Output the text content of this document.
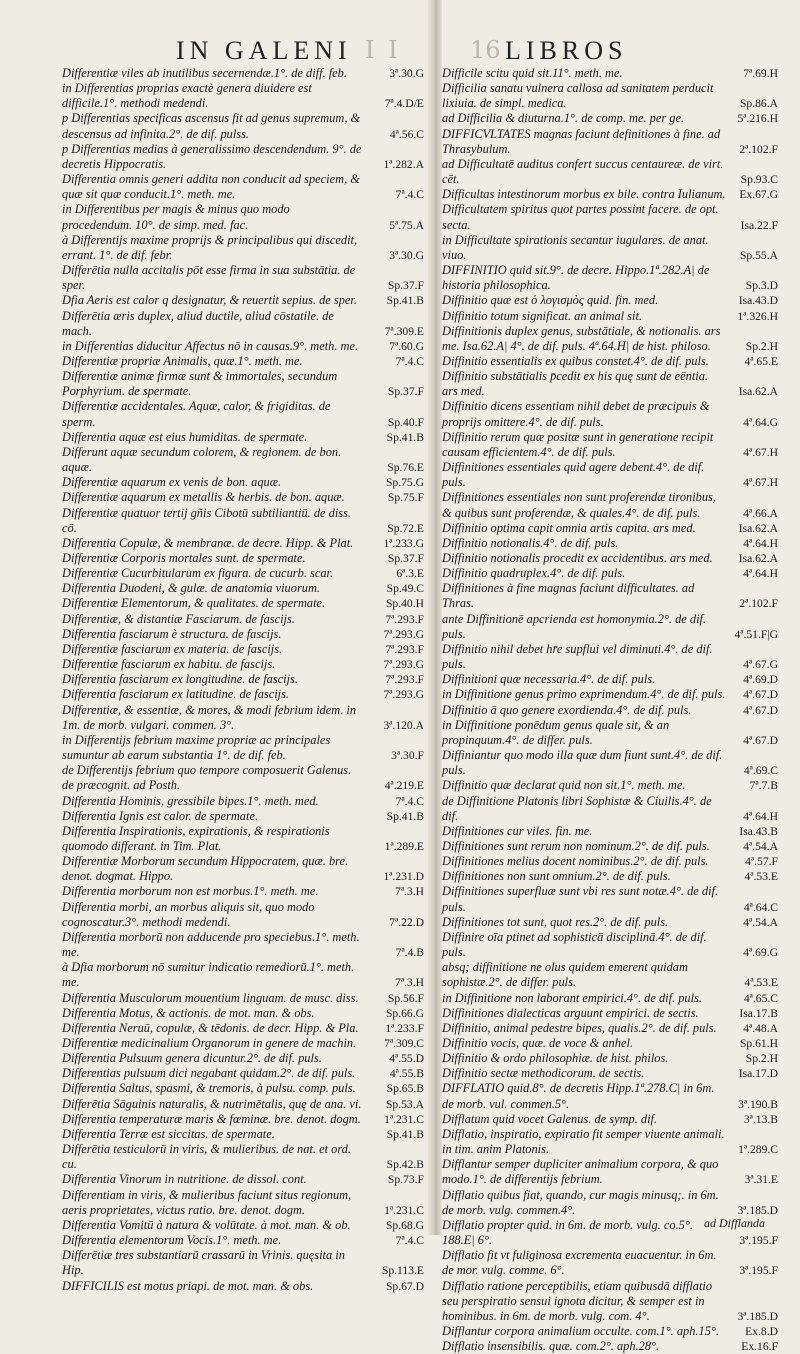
IN GALENI I I	16 LIBROS
Differentiæ viles ab inutilibus secernendæ.1°. de diff. feb.	3ª.30.G
in Differentias proprias exactè genera diuidere est difficile.1°. methodi medendi.	7ª.4.D/E
p Differentias specificas ascensus fit ad genus supremum, & descensus ad infinita.2°. de dif. pulss.	4ª.56.C
p Differentias medias à generalissimo descendendum. 9°. de decretis Hippocratis.	1ª.282.A
Differentia omnis generi addita non conducit ad speciem, & quæ sit quæ conducit.1°. meth. me.	7ª.4.C
in Differentibus per magis & minus quo modo procedendum. 10°. de simp. med. fac.	5ª.75.A
à Differentijs maxime proprijs & principalibus qui discedit, errant. 1°. de dif. febr.	3ª.30.G
Differētia nulla accitalis pōt esse firma in sua substātia. de sper.	Sp.37.F
Dfia Aeris est calor q designatur, & reuertit sepius. de sper.	Sp.41.B
Differētia æris duplex, aliud ductile, aliud cōstatile. de mach.	7ª.309.E
in Differentias diducitur Affectus nō in causas.9°. meth. me.	7ª.60.G
Differentiæ propriæ Animalis, quæ.1°. meth. me.	7ª.4.C
Differentiæ animæ firmæ sunt & immortales, secundum Porphyrium. de spermate.	Sp.37.F
Differentiæ accidentales. Aquæ, calor, & frigiditas. de sperm.	Sp.40.F
Differentia aquæ est eius humiditas. de spermate.	Sp.41.B
Differunt aquæ secundum colorem, & regionem. de bon. aquæ.	Sp.76.E
Differentiæ aquarum ex venis de bon. aquæ.	Sp.75.G
Differentiæ aquarum ex metallis & herbis. de bon. aquæ.	Sp.75.F
Differentiæ quatuor tertij gñis Cibotū subtiliantiū. de diss. cō.	Sp.72.E
Differentia Copulæ, & membranæ. de decre. Hipp. & Plat.	1ª.233.G
Differentiæ Corporis mortales sunt. de spermate.	Sp.37.F
Differentiæ Cucurbitularum ex figura. de cucurb. scar.	6ª.3.E
Differentia Duodeni, & gulæ. de anatomia viuorum.	Sp.49.C
Differentiæ Elementorum, & qualitates. de spermate.	Sp.40.H
Differentiæ, & distantiæ Fasciarum. de fascijs.	7ª.293.F
Differentia fasciarum è structura. de fascijs.	7ª.293.G
Differentiæ fasciarum ex materia. de fascijs.	7ª.293.F
Differentiæ fasciarum ex habitu. de fascijs.	7ª.293.G
Differentia fasciarum ex longitudine. de fascijs.	7ª.293.F
Differentia fasciarum ex latitudine. de fascijs.	7ª.293.G
Differentiæ, & essentiæ, & mores, & modi febrium idem. in 1m. de morb. vulgari. commen. 3°.	3ª.120.A
in Differentijs febrium maxime propriæ ac principales sumuntur ab earum substantia 1°. de dif. feb.	3ª.30.F
de Differentijs febrium quo tempore composuerit Galenus. de præcognit. ad Posth.	4ª.219.E
Differentia Hominis, gressibile bipes.1°. meth. med.	7ª.4.C
Differentia Ignis est calor. de spermate.	Sp.41.B
Differentia Inspirationis, expirationis, & respirationis quomodo differant. in Tim. Plat.	1ª.289.E
Differentiæ Morborum secundum Hippocratem, quæ. bre. denot. dogmat. Hippo.	1ª.231.D
Differentia morborum non est morbus.1°. meth. me.	7ª.3.H
Differentia morbi, an morbus aliquis sit, quo modo cognoscatur.3°. methodi medendi.	7ª.22.D
Differentia morborū non adducende pro speciebus.1°. meth. me.	7ª.4.B
à Dfia morborum nō sumitur indicatio remediorū.1°. meth. me.	7ª.3.H
Differentia Musculorum mouentium linguam. de musc. diss.	Sp.56.F
Differentia Motus, & actionis. de mot. man. & obs.	Sp.66.G
Differentia Neruū, copulæ, & tēdonis. de decr. Hipp. & Pla.	1ª.233.F
Differentiæ medicinalium Organorum in genere de machin.	7ª.309.C
Differentia Pulsuum genera dicuntur.2°. de dif. puls.	4ª.55.D
Differentias pulsuum dici negabant quidam.2°. de dif. puls.	4ª.55.B
Differentia Saltus, spasmi, & tremoris, à pulsu. comp. puls.	Sp.65.B
Differētia Sāguinis naturalis, & nutrimētalis, quę de ana. vi.	Sp.53.A
Differentia temperaturæ maris & fœminæ. bre. denot. dogm.	1ª.231.C
Differentia Terræ est siccitas. de spermate.	Sp.41.B
Differētia testiculorū in viris, & mulieribus. de nat. et ord. cu.	Sp.42.B
Differentia Vinorum in nutritione. de dissol. cont.	Sp.73.F
Differentiam in viris, & mulieribus faciunt situs regionum, aeris proprietates, victus ratio. bre. denot. dogm.	1ª.231.C
Differentia Vomitū à natura & volūtate. à mot. man. & ob.	Sp.68.G
Differentia elementorum Vocis.1°. meth. me.	7ª.4.C
Differētiæ tres substantiarū crassarū in Vrinis. quęsita in Hip.	Sp.113.E
DIFFICILIS est motus priapi. de mot. man. & obs.	Sp.67.D
Difficile scitu quid sit.11°. meth. me.	7ª.69.H
Difficilia sanatu vulnera callosa ad sanitatem perducit lixiuia. de simpl. medica.	Sp.86.A
ad Difficilia & diuturna.1°. de comp. me. per ge.	5ª.216.H
DIFFICVLTATES magnas faciunt definitiones à fine. ad Thrasybulum.	2ª.102.F
ad Difficultatē auditus confert succus centaureæ. de virt. cēt.	Sp.93.C
Difficultas intestinorum morbus ex bile. contra Iulianum.	Ex.67.G
Difficultatem spiritus quot partes possint facere. de opt. secta.	Isa.22.F
in Difficultate spirationis secantur iugulares. de anat. viuo.	Sp.55.A
DIFFINITIO quid sit.9°. de decre. Hippo.1ª.282.A| de historia philosophica.	Sp.3.D
Diffinitio quæ est ὁ λογισμὸς quid. fin. med.	Isa.43.D
Diffinitio totum significat. an animal sit.	1ª.326.H
Diffinitionis duplex genus, substātiale, & notionalis. ars me. Isa.62.A| 4°. de dif. puls. 4ª.64.H| de hist. philoso.	Sp.2.H
Diffinitio essentialis ex quibus constet.4°. de dif. puls.	4ª.65.E
Diffinitio substātialis p̄cedit ex his quę sunt de eēntia. ars med.	Isa.62.A
Diffinitio dicens essentiam nihil debet de præcipuis & proprijs omittere.4°. de dif. puls.	4ª.64.G
Diffinitio rerum quæ positæ sunt in generatione recipit causam efficientem.4°. de dif. puls.	4ª.67.H
Diffinitiones essentiales quid agere debent.4°. de dif. puls.	4ª.67.H
Diffinitiones essentiales non sunt proferendæ tironibus, & quibus sunt proferendæ, & quales.4°. de dif. puls.	4ª.66.A
Diffinitio optima capit omnia artis capita. ars med.	Isa.62.A
Diffinitio notionalis.4°. de dif. puls.	4ª.64.H
Diffinitio notionalis procedit ex accidentibus. ars med.	Isa.62.A
Diffinitio quadruplex.4°. de dif. puls.	4ª.64.H
Diffinitiones à fine magnas faciunt difficultates. ad Thras.	2ª.102.F
ante Diffinitionē apcrienda est homonymia.2°. de dif. puls.	4ª.51.F|G
Diffinitio nihil debet hr̄e supflui vel diminuti.4°. de dif. puls.	4ª.67.G
Diffinitioni quæ necessaria.4°. de dif. puls.	4ª.69.D
in Diffinitione genus primo exprimendum.4°. de dif. puls.	4ª.67.D
Diffinitio ā quo genere exordienda.4°. de dif. puls.	4ª.67.D
in Diffinitione ponēdum genus quale sit, & an propinquum.4°. de differ. puls.	4ª.67.D
Diffiniantur quo modo illa quæ dum fiunt sunt.4°. de dif. puls.	4ª.69.C
Diffinitio quæ declarat quid non sit.1°. meth. me.	7ª.7.B
de Diffinitione Platonis libri Sophistæ & Ciuilis.4°. de dif.	4ª.64.H
Diffinitiones cur viles. fin. me.	Isa.43.B
Diffinitiones sunt rerum non nominum.2°. de dif. puls.	4ª.54.A
Diffinitiones melius docent nominibus.2°. de dif. puls.	4ª.57.F
Diffinitiones non sunt omnium.2°. de dif. puls.	4ª.53.E
Diffinitiones superfluæ sunt vbi res sunt notæ.4°. de dif. puls.	4ª.64.C
Diffinitiones tot sunt, quot res.2°. de dif. puls.	4ª.54.A
Diffinire oīa ptinet ad sophisticā disciplinā.4°. de dif. puls.	4ª.69.G
absq; diffinitione ne olus quidem emerent quidam sophistæ.2°. de differ. puls.	4ª.53.E
in Diffinitione non laborant empirici.4°. de dif. puls.	4ª.65.C
Diffinitiones dialecticas arguunt empirici. de sectis.	Isa.17.B
Diffinitio, animal pedestre bipes, qualis.2°. de dif. puls.	4ª.48.A
Diffinitio vocis, quæ. de voce & anhel.	Sp.61.H
Diffinitio & ordo philosophiæ. de hist. philos.	Sp.2.H
Diffinitio sectæ methodicorum. de sectis.	Isa.17.D
DIFFLATIO quid.8°. de decretis Hipp.1ª.278.C| in 6m. de morb. vul. commen.5°.	3ª.190.B
Difflatum quid vocet Galenus. de symp. dif.	3ª.13.B
Difflatio, inspiratio, expiratio fit semper viuente animali. in tim. anim Platonis.	1ª.289.C
Difflantur semper dupliciter animalium corpora, & quo modo.1°. de differentijs febrium.	3ª.31.E
Difflatio quibus fiat, quando, cur magis minusq;. in 6m. de morb. vulg. commen.4°.	3ª.185.D
Difflatio propter quid. in 6m. de morb. vulg. co.5°. 188.E| 6°.	3ª.195.F
Difflatio fit vt fuliginosa excrementa euacuentur. in 6m. de mor. vulg. comme. 6°.	3ª.195.F
Difflatio ratione perceptibilis, etiam quibusdā difflatio seu perspiratio sensui ignota dicitur, & semper est in hominibus. in 6m. de morb. vulg. com. 4°.	3ª.185.D
Difflantur corpora animalium occulte. com.1°. aph.15°.	Ex.8.D
Difflatio insensibilis. quæ. com.2°. aph.28°.	Ex.16.F
ad Difflanda
